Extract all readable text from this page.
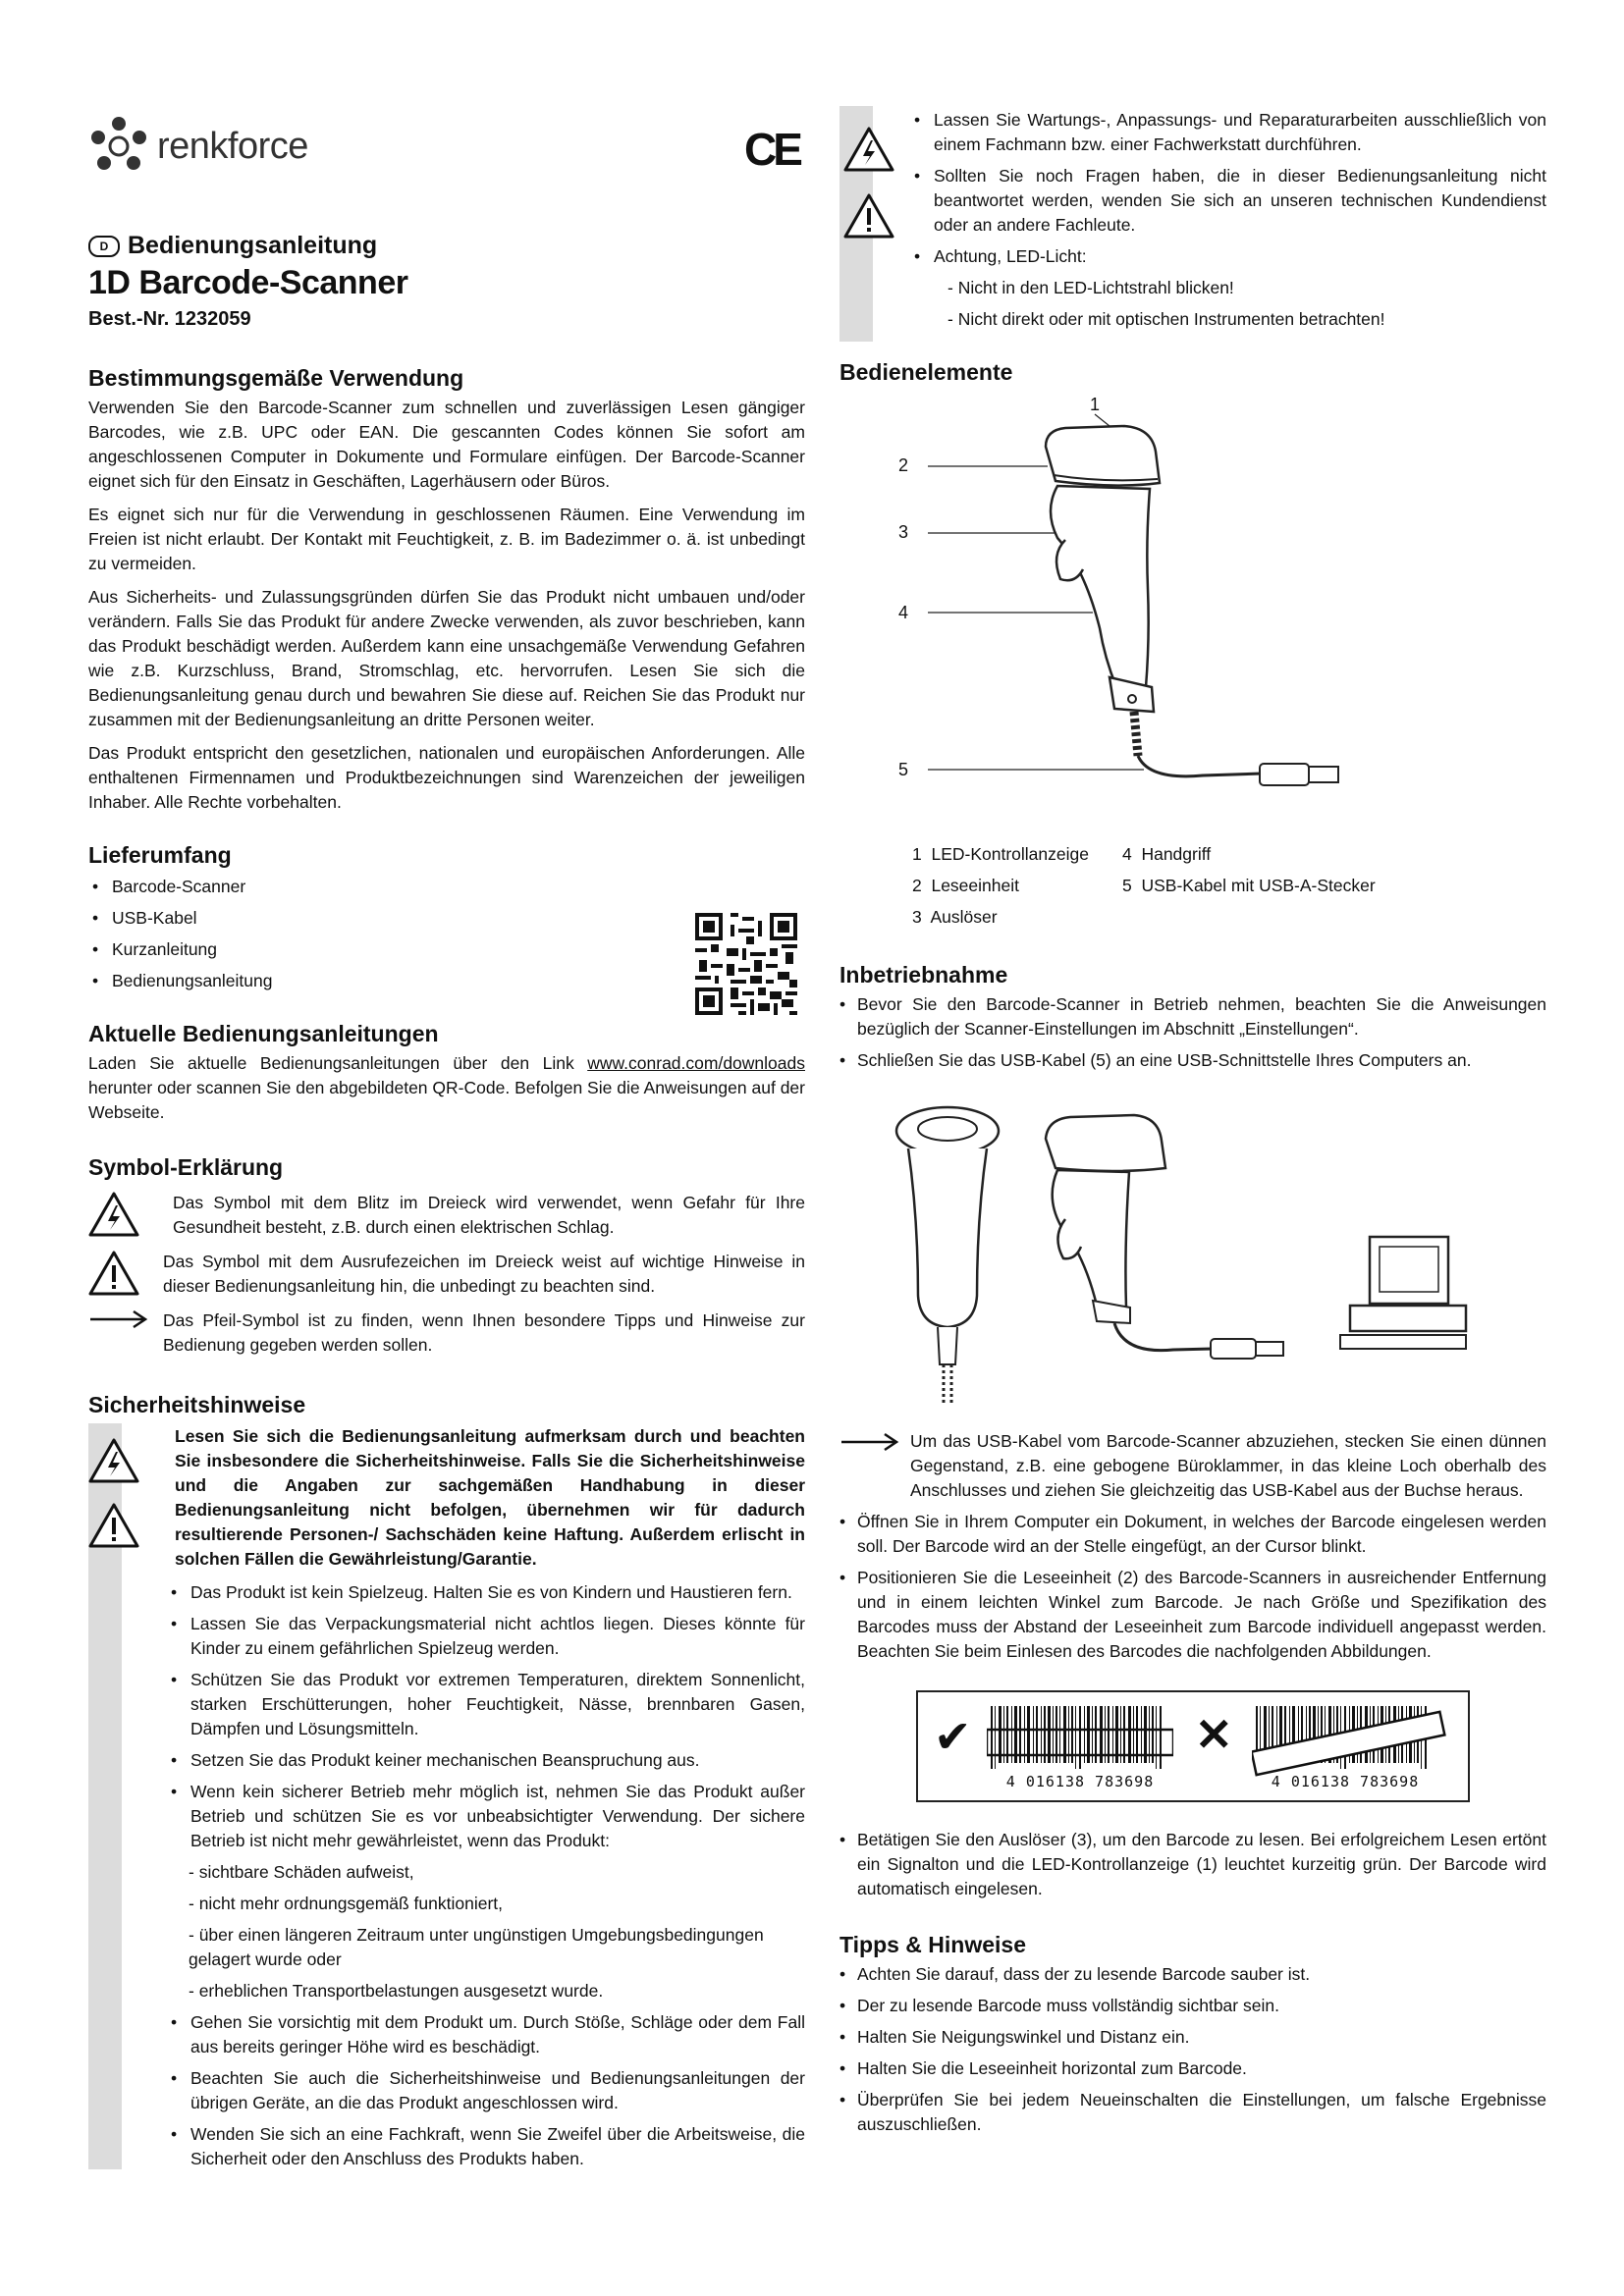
renkforce	CE
D Bedienungsanleitung
1D Barcode-Scanner
Best.-Nr. 1232059
Bestimmungsgemäße Verwendung

Verwenden Sie den Barcode-Scanner zum schnellen und zuverlässigen Lesen gängiger Barcodes, wie z.B. UPC oder EAN. Die gescannten Codes können Sie sofort am angeschlossenen Computer in Dokumente und Formulare einfügen. Der Barcode-Scanner eignet sich für den Einsatz in Geschäften, Lagerhäusern oder Büros.

Es eignet sich nur für die Verwendung in geschlossenen Räumen. Eine Verwendung im Freien ist nicht erlaubt. Der Kontakt mit Feuchtigkeit, z. B. im Badezimmer o. ä. ist unbedingt zu vermeiden.

Aus Sicherheits- und Zulassungsgründen dürfen Sie das Produkt nicht umbauen und/oder verändern. Falls Sie das Produkt für andere Zwecke verwenden, als zuvor beschrieben, kann das Produkt beschädigt werden. Außerdem kann eine unsachgemäße Verwendung Gefahren wie z.B. Kurzschluss, Brand, Stromschlag, etc. hervorrufen. Lesen Sie sich die Bedienungsanleitung genau durch und bewahren Sie diese auf. Reichen Sie das Produkt nur zusammen mit der Bedienungsanleitung an dritte Personen weiter.

Das Produkt entspricht den gesetzlichen, nationalen und europäischen Anforderungen. Alle enthaltenen Firmennamen und Produktbezeichnungen sind Warenzeichen der jeweiligen Inhaber. Alle Rechte vorbehalten.

Lieferumfang
• Barcode-Scanner
• USB-Kabel
• Kurzanleitung
• Bedienungsanleitung
Aktuelle Bedienungsanleitungen

Laden Sie aktuelle Bedienungsanleitungen über den Link www.conrad.com/downloads herunter oder scannen Sie den abgebildeten QR-Code. Befolgen Sie die Anweisungen auf der Webseite.

Symbol-Erklärung

Das Symbol mit dem Blitz im Dreieck wird verwendet, wenn Gefahr für Ihre Gesundheit besteht, z.B. durch einen elektrischen Schlag.

Das Symbol mit dem Ausrufezeichen im Dreieck weist auf wichtige Hinweise in dieser Bedienungsanleitung hin, die unbedingt zu beachten sind.

Das Pfeil-Symbol ist zu finden, wenn Ihnen besondere Tipps und Hinweise zur Bedienung gegeben werden sollen.

Sicherheitshinweise

Lesen Sie sich die Bedienungsanleitung aufmerksam durch und beachten Sie insbesondere die Sicherheitshinweise. Falls Sie die Sicherheitshinweise und die Angaben zur sachgemäßen Handhabung in dieser Bedienungsanleitung nicht befolgen, übernehmen wir für dadurch resultierende Personen-/ Sachschäden keine Haftung. Außerdem erlischt in solchen Fällen die Gewährleistung/Garantie.

• Das Produkt ist kein Spielzeug. Halten Sie es von Kindern und Haustieren fern.
• Lassen Sie das Verpackungsmaterial nicht achtlos liegen. Dieses könnte für Kinder zu einem gefährlichen Spielzeug werden.
• Schützen Sie das Produkt vor extremen Temperaturen, direktem Sonnenlicht, starken Erschütterungen, hoher Feuchtigkeit, Nässe, brennbaren Gasen, Dämpfen und Lösungsmitteln.
• Setzen Sie das Produkt keiner mechanischen Beanspruchung aus.
• Wenn kein sicherer Betrieb mehr möglich ist, nehmen Sie das Produkt außer Betrieb und schützen Sie es vor unbeabsichtigter Verwendung. Der sichere Betrieb ist nicht mehr gewährleistet, wenn das Produkt:
- sichtbare Schäden aufweist,
- nicht mehr ordnungsgemäß funktioniert,
- über einen längeren Zeitraum unter ungünstigen Umgebungsbedingungen gelagert wurde oder
- erheblichen Transportbelastungen ausgesetzt wurde.
• Gehen Sie vorsichtig mit dem Produkt um. Durch Stöße, Schläge oder dem Fall aus bereits geringer Höhe wird es beschädigt.
• Beachten Sie auch die Sicherheitshinweise und Bedienungsanleitungen der übrigen Geräte, an die das Produkt angeschlossen wird.
• Wenden Sie sich an eine Fachkraft, wenn Sie Zweifel über die Arbeitsweise, die Sicherheit oder den Anschluss des Produkts haben.
• Lassen Sie Wartungs-, Anpassungs- und Reparaturarbeiten ausschließlich von einem Fachmann bzw. einer Fachwerkstatt durchführen.
• Sollten Sie noch Fragen haben, die in dieser Bedienungsanleitung nicht beantwortet werden, wenden Sie sich an unseren technischen Kundendienst oder an andere Fachleute.
• Achtung, LED-Licht:
- Nicht in den LED-Lichtstrahl blicken!
- Nicht direkt oder mit optischen Instrumenten betrachten!
Bedienelemente
1
2
3
4
5
1  LED-Kontrollanzeige
2  Leseeinheit
3  Auslöser
4  Handgriff
5  USB-Kabel mit USB-A-Stecker
Inbetriebnahme
• Bevor Sie den Barcode-Scanner in Betrieb nehmen, beachten Sie die Anweisungen bezüglich der Scanner-Einstellungen im Abschnitt „Einstellungen“.
• Schließen Sie das USB-Kabel (5) an eine USB-Schnittstelle Ihres Computers an.

Um das USB-Kabel vom Barcode-Scanner abzuziehen, stecken Sie einen dünnen Gegenstand, z.B. eine gebogene Büroklammer, in das kleine Loch oberhalb des Anschlusses und ziehen Sie gleichzeitig das USB-Kabel aus der Buchse heraus.

• Öffnen Sie in Ihrem Computer ein Dokument, in welches der Barcode eingelesen werden soll. Der Barcode wird an der Stelle eingefügt, an der Cursor blinkt.
• Positionieren Sie die Leseeinheit (2) des Barcode-Scanners in ausreichender Entfernung und in einem leichten Winkel zum Barcode. Je nach Größe und Spezifikation des Barcodes muss der Abstand der Leseeinheit zum Barcode individuell angepasst werden. Beachten Sie beim Einlesen des Barcodes die nachfolgenden Abbildungen.
✔
4 016138 783698
✕
4 016138 783698
• Betätigen Sie den Auslöser (3), um den Barcode zu lesen. Bei erfolgreichem Lesen ertönt ein Signalton und die LED-Kontrollanzeige (1) leuchtet kurzeitig grün. Der Barcode wird automatisch eingelesen.
Tipps & Hinweise
• Achten Sie darauf, dass der zu lesende Barcode sauber ist.
• Der zu lesende Barcode muss vollständig sichtbar sein.
• Halten Sie Neigungswinkel und Distanz ein.
• Halten Sie die Leseeinheit horizontal zum Barcode.
• Überprüfen Sie bei jedem Neueinschalten die Einstellungen, um falsche Ergebnisse auszuschließen.
